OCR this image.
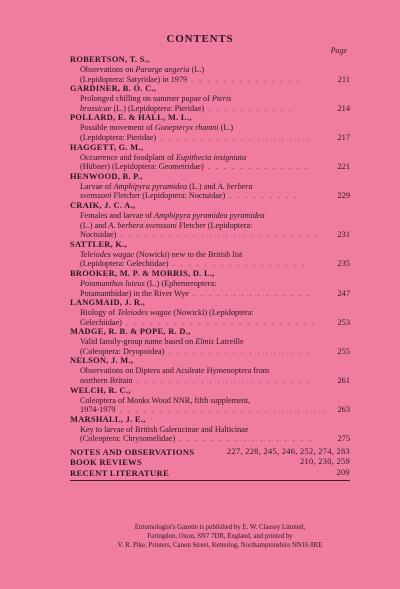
CONTENTS
Page
ROBERTSON, T. S.,
Observations on Pararge aegeria (L.)
(Lepidoptera: Satyridae) in 1979 . . . . . . . . . . . . . .	211
GARDINER, B. O. C.,
Prolonged chilling on summer pupae of Pieris
brassicae (L.) (Lepidoptera: Pieridae) . . . . . . . . . . .	214
POLLARD, E. & HALL, M. L.,
Possible movement of Gonepteryx rhamni (L.)
(Lepidoptera: Pieridae) . . . . . . . . . . . . . . . . . . .	217
HAGGETT, G. M.,
Occurrence and foodplant of Eupithecia insigniata
(Hübner) (Lepidoptera: Geometridae) . . . . . . . . . . . . .	221
HENWOOD, B. P.,
Larvae of Amphipyra pyramidea (L.) and A. berbera
svenssoni Fletcher (Lepidoptera: Noctuidae) . . . . . . . . .	229
CRAIK, J. C. A.,
Females and larvae of Amphipyra pyramidea pyramidea
(L.) and A. berbera svenssoni Fletcher (Lepidoptera:
Noctuidae) . . . . . . . . . . . . . . . . . . . . . . . . .	231
SATTLER, K.,
Teleiodes wagae (Nowicki) new to the British list
(Lepidoptera: Gelechiidae) . . . . . . . . . . . . . . . . .	235
BROOKER, M. P. & MORRIS, D. L.,
Potamanthus luteus (L.) (Ephemeroptera:
Potamanthidae) in the River Wye . . . . . . . . . . . . . . .	247
LANGMAID, J. R.,
Biology of Teleiodes wagae (Nowicki) (Lepidoptera:
Gelechiidae) . . . . . . . . . . . . . . . . . . . . . . . .	253
MADGE, R. B. & POPE, R. D.,
Valid family-group name based on Elmis Latreille
(Coleoptera: Dryopoidea) . . . . . . . . . . . . . . . . . .	255
NELSON, J. M.,
Observations on Diptera and Aculeate Hymenoptera from
northern Britain . . . . . . . . . . . . . . . . . . . . . .	261
WELCH, R. C.,
Coleoptera of Monks Wood NNR, fifth supplement,
1974-1979 . . . . . . . . . . . . . . . . . . . . . . . . . . 263
MARSHALL, J. E.,
Key to larvae of British Galerucinae and Halticinae
(Coleoptera: Chrysomelidae) . . . . . . . . . . . . . . . . .	275
NOTES AND OBSERVATIONS	227, 228, 245, 246, 252, 274, 283
BOOK REVIEWS	210, 230, 259
RECENT LITERATURE	209
Entomologist's Gazette is published by E. W. Classey Limited,
Faringdon, Oxon, SN7 7DR, England, and printed by
V. R. Pike, Printers, Canon Street, Kettering, Northamptonshire NN16 8RE
